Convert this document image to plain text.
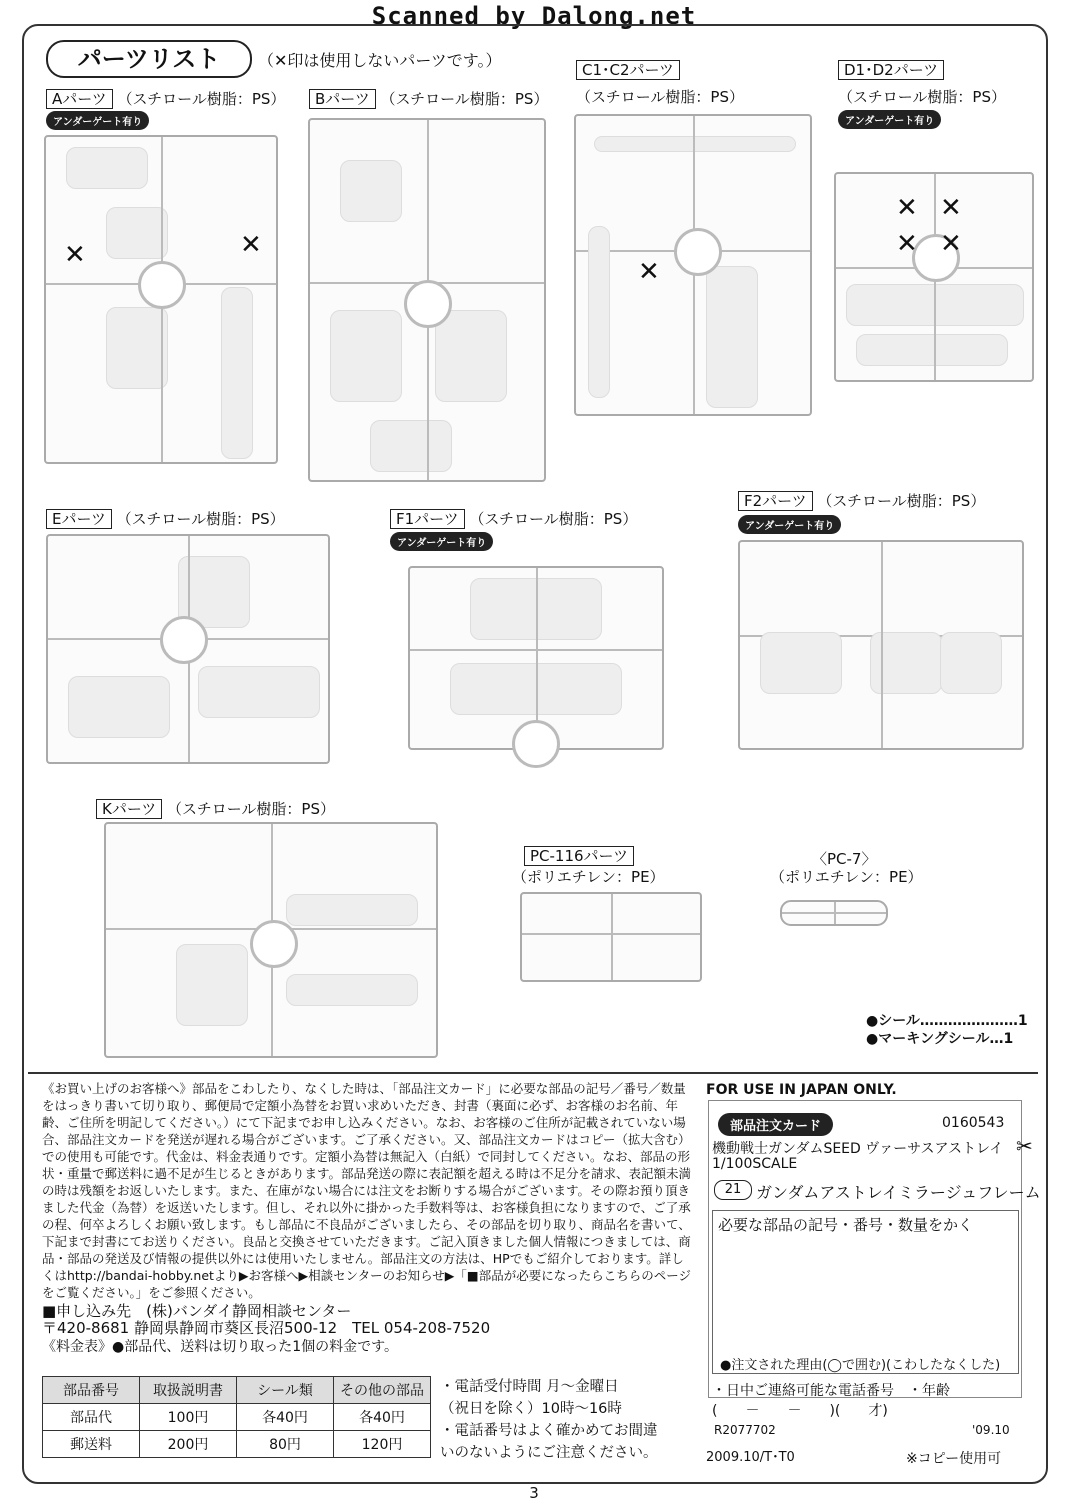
Scanned by Dalong.net
パーツリスト	（✕印は使用しないパーツです。）
Aパーツ （スチロール樹脂：PS）
アンダーゲート有り
✕	✕
Bパーツ （スチロール樹脂：PS）
C1･C2パーツ
（スチロール樹脂：PS）
✕
D1･D2パーツ
（スチロール樹脂：PS）
アンダーゲート有り
✕ ✕
✕ ✕
Eパーツ （スチロール樹脂：PS）	F1パーツ （スチロール樹脂：PS）
アンダーゲート有り
F2パーツ （スチロール樹脂：PS）
アンダーゲート有り
Kパーツ （スチロール樹脂：PS）
PC-116パーツ
（ポリエチレン：PE）
〈PC-7〉
（ポリエチレン：PE）
●シール…………………1
●マーキングシール…1
《お買い上げのお客様へ》部品をこわしたり、なくした時は、「部品注文カード」に必要な部品の記号／番号／数量をはっきり書いて切り取り、郵便局で定額小為替をお買い求めいただき、封書（裏面に必ず、お客様のお名前、年齢、ご住所を明記してください。）にて下記までお申し込みください。なお、お客様のご住所が記載されていない場合、部品注文カードを発送が遅れる場合がございます。ご了承ください。又、部品注文カードはコピー（拡大含む）での使用も可能です。代金は、料金表通りです。定額小為替は無記入（白紙）で同封してください。なお、部品の形状・重量で郵送料に過不足が生じるときがあります。部品発送の際に表記額を超える時は不足分を請求、表記額未満の時は残額をお返しいたします。また、在庫がない場合には注文をお断りする場合がございます。その際お預り頂きました代金（為替）を返送いたします。但し、それ以外に掛かった手数料等は、お客様負担になりますので、ご了承の程、何卒よろしくお願い致します。もし部品に不良品がございましたら、その部品を切り取り、商品名を書いて、下記まで封書にてお送りください。良品と交換させていただきます。ご記入頂きました個人情報につきましては、商品・部品の発送及び情報の提供以外には使用いたしません。部品注文の方法は、HPでもご紹介しております。詳しくはhttp://bandai-hobby.netより▶お客様へ▶相談センターのお知らせ▶「■部品が必要になったらこちらのページをご覧ください。」をご参照ください。
■申し込み先　(株)バンダイ静岡相談センター
〒420-8681 静岡県静岡市葵区長沼500-12　TEL 054-208-7520
《料金表》●部品代、送料は切り取った1個の料金です。
部品番号	取扱説明書	シール類	その他の部品
部品代	100円	各40円	各40円
郵送料	200円	80円	120円
・電話受付時間 月〜金曜日
（祝日を除く）10時〜16時
・電話番号はよく確かめてお間違
いのないようにご注意ください。
FOR USE IN JAPAN ONLY.
部品注文カード	0160543
機動戦士ガンダムSEED ヴァーサスアストレイ ✂
1/100SCALE
21 ガンダムアストレイミラージュフレーム
必要な部品の記号・番号・数量をかく
●注文された理由(◯で囲む)(こわしたなくした)
・日中ご連絡可能な電話番号　・年齢
(　　－　　－　　)(　　才)
R2077702	'09.10
2009.10/T･T0	※コピー使用可
3
